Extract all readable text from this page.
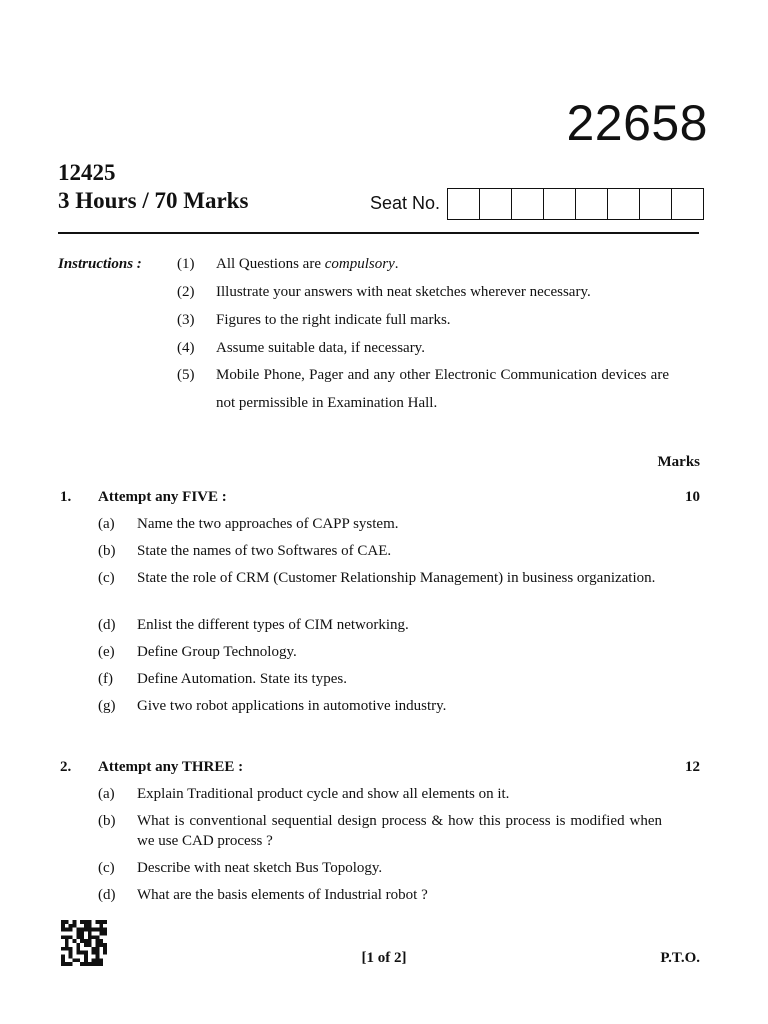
22658
12425
3 Hours / 70 Marks	Seat No.
Instructions : (1) All Questions are compulsory.
(2) Illustrate your answers with neat sketches wherever necessary.
(3) Figures to the right indicate full marks.
(4) Assume suitable data, if necessary.
(5) Mobile Phone, Pager and any other Electronic Communication devices are not permissible in Examination Hall.
Marks
1. Attempt any FIVE :	10
(a) Name the two approaches of CAPP system.
(b) State the names of two Softwares of CAE.
(c) State the role of CRM (Customer Relationship Management) in business organization.
(d) Enlist the different types of CIM networking.
(e) Define Group Technology.
(f) Define Automation. State its types.
(g) Give two robot applications in automotive industry.
2. Attempt any THREE :	12
(a) Explain Traditional product cycle and show all elements on it.
(b) What is conventional sequential design process & how this process is modified when we use CAD process ?
(c) Describe with neat sketch Bus Topology.
(d) What are the basis elements of Industrial robot ?
[1 of 2]	P.T.O.
